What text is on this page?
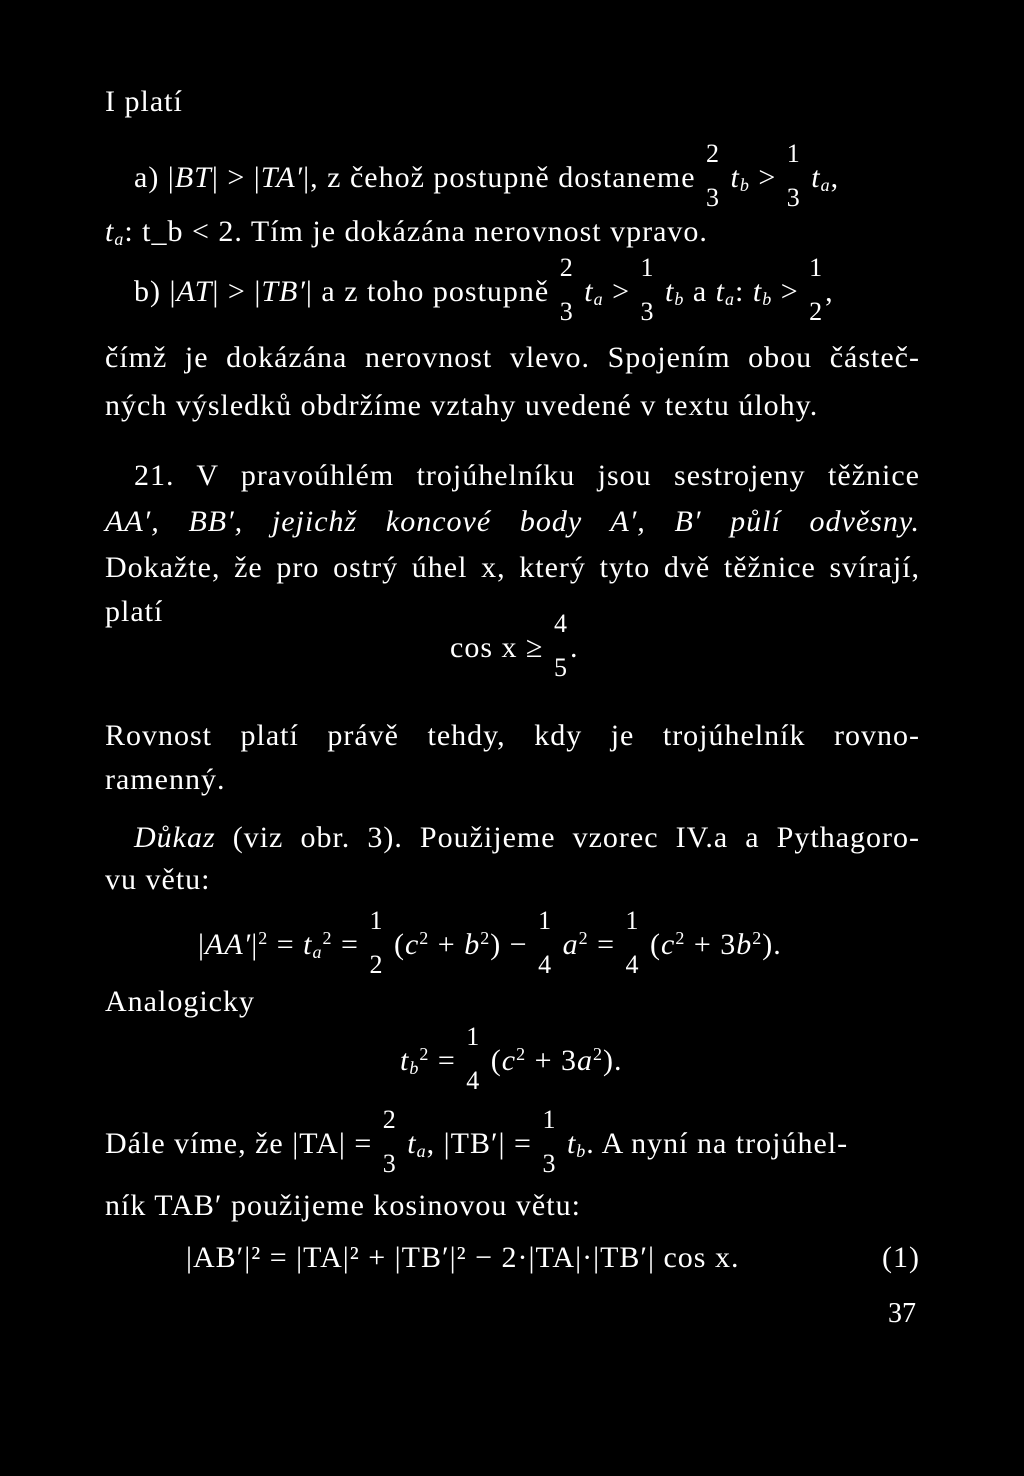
I platí
a) |BT| > |TA′|, z čehož postupně dostaneme
2
3
$t_b$ >
1
3
$t_a$,
$t_a$: t_b < 2. Tím je dokázána nerovnost vpravo.
b) |AT| > |TB′| a z toho postupně
2
3
$t_a$ >
1
3
$t_b$ a $t_a$: $t_b$ >
1
2
,
čímž je dokázána nerovnost vlevo. Spojením obou částeč-
ných výsledků obdržíme vztahy uvedené v textu úlohy.
21. V pravoúhlém trojúhelníku jsou sestrojeny těžnice
AA′, BB′, jejichž koncové body A′, B′ půlí odvěsny.
Dokažte, že pro ostrý úhel x, který tyto dvě těžnice svírají,
platí
cos x ≥
4
5
.
Rovnost platí právě tehdy, kdy je trojúhelník rovno-
ramenný.
Důkaz (viz obr. 3). Použijeme vzorec IV.a a Pythagoro-
vu větu:
$|AA'|^2 = t_a^2$ =
1
2
$(c^2 + b^2)$ −
1
4
$a^2$ =
1
4
$(c^2 + 3b^2)$.
Analogicky
$t_b^2$ =
1
4
$(c^2 + 3a^2)$.
Dále víme, že |TA| =
2
3
$t_a$, |TB′| =
1
3
$t_b$. A nyní na trojúhel-
ník TAB′ použijeme kosinovou větu:
|AB′|² = |TA|² + |TB′|² − 2·|TA|·|TB′| cos x.	(1)
37
